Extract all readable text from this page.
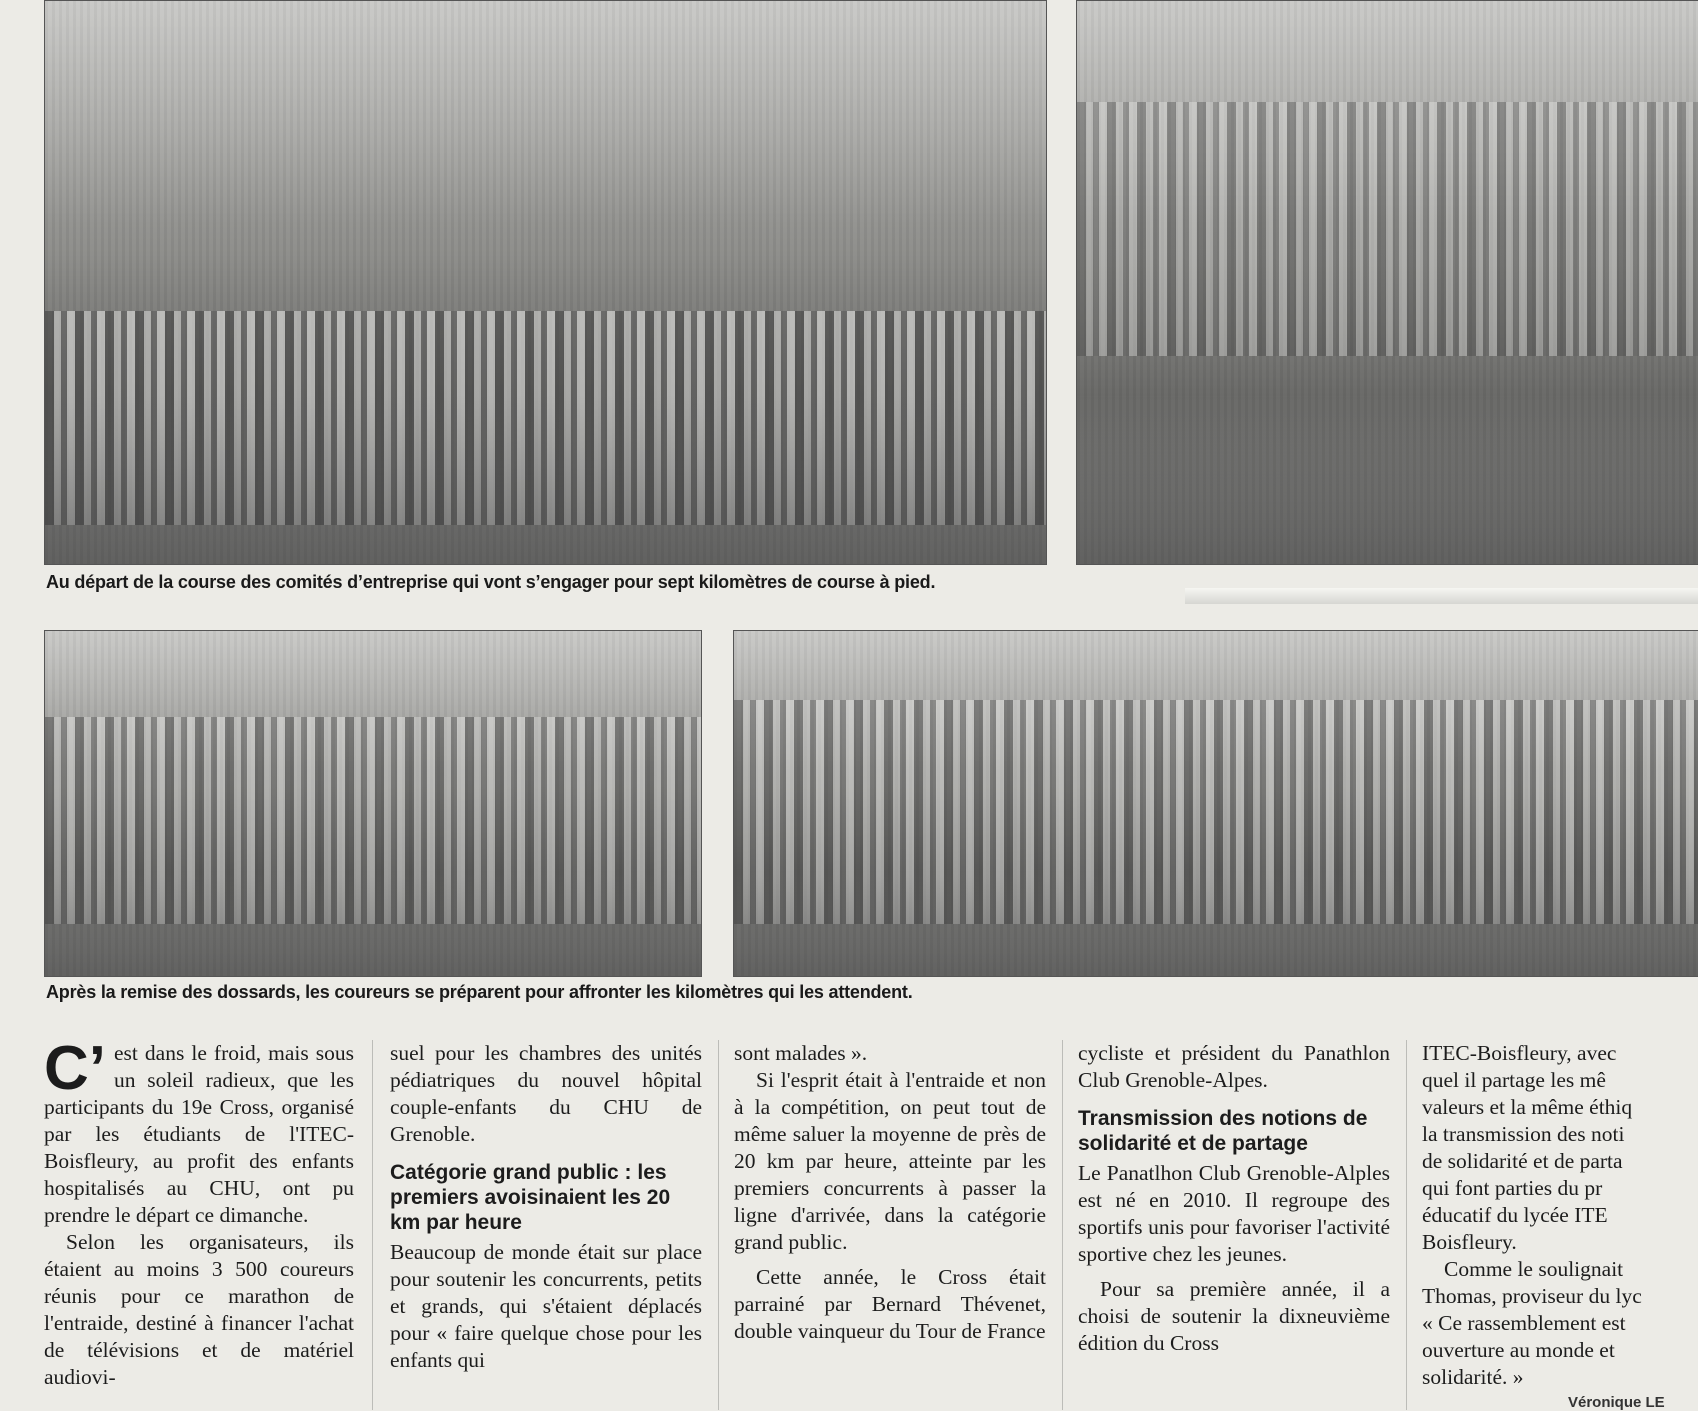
Au départ de la course des comités d’entreprise qui vont s’engager pour sept kilomètres de course à pied.
Après la remise des dossards, les coureurs se préparent pour affronter les kilomètres qui les attendent.

C’ est dans le froid, mais sous un soleil radieux, que les participants du 19e Cross, organisé par les étudiants de l'ITEC-Boisfleury, au profit des enfants hospitalisés au CHU, ont pu prendre le départ ce dimanche.

Selon les organisateurs, ils étaient au moins 3 500 coureurs réunis pour ce marathon de l'entraide, destiné à financer l'achat de télévisions et de matériel audiovi-

suel pour les chambres des unités pédiatriques du nouvel hôpital couple-enfants du CHU de Grenoble.

Catégorie grand public : les premiers avoisinaient les 20 km par heure

Beaucoup de monde était sur place pour soutenir les concurrents, petits et grands, qui s'étaient déplacés pour « faire quelque chose pour les enfants qui

sont malades ».

Si l'esprit était à l'entraide et non à la compétition, on peut tout de même saluer la moyenne de près de 20 km par heure, atteinte par les premiers concurrents à passer la ligne d'arrivée, dans la catégorie grand public.

Cette année, le Cross était parrainé par Bernard Thévenet, double vainqueur du Tour de France

cycliste et président du Panathlon Club Grenoble-Alpes.

Transmission des notions de solidarité et de partage

Le Panatlhon Club Grenoble-Alples est né en 2010. Il regroupe des sportifs unis pour favoriser l'activité sportive chez les jeunes.

Pour sa première année, il a choisi de soutenir la dixneuvième édition du Cross

ITEC-Boisfleury, avec

quel il partage les mê

valeurs et la même éthiq

la transmission des noti

de solidarité et de parta

qui font parties du pr

éducatif du lycée ITE

Boisfleury.

Comme le soulignait

Thomas, proviseur du lyc

« Ce rassemblement est

ouverture au monde et

solidarité. »

Véronique LE
